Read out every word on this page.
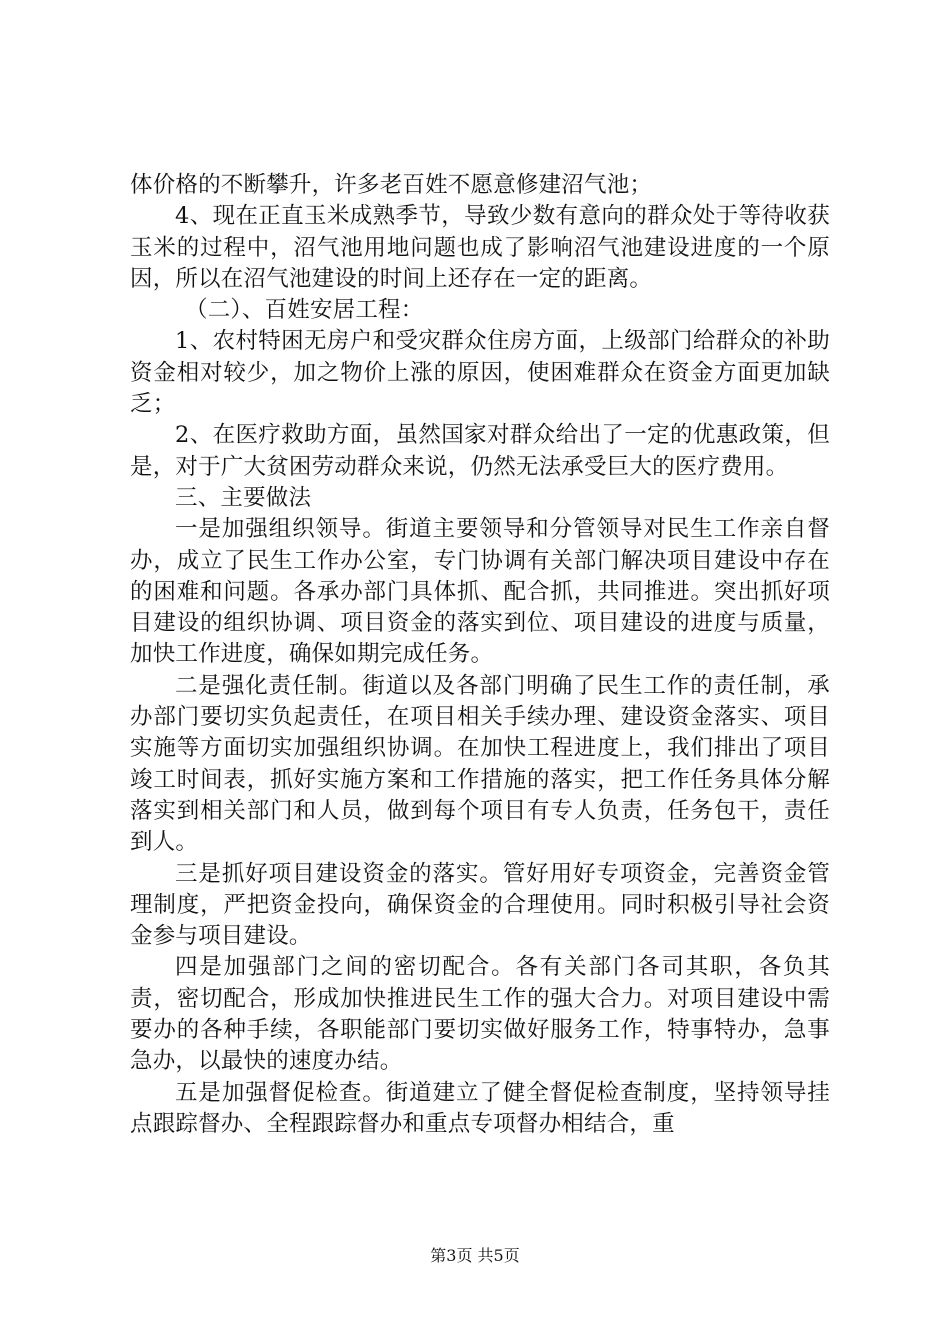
体价格的不断攀升，许多老百姓不愿意修建沼气池；

4、现在正直玉米成熟季节，导致少数有意向的群众处于等待收获玉米的过程中，沼气池用地问题也成了影响沼气池建设进度的一个原因，所以在沼气池建设的时间上还存在一定的距离。

（二）、百姓安居工程：

1、农村特困无房户和受灾群众住房方面，上级部门给群众的补助资金相对较少，加之物价上涨的原因，使困难群众在资金方面更加缺乏；

2、在医疗救助方面，虽然国家对群众给出了一定的优惠政策，但是，对于广大贫困劳动群众来说，仍然无法承受巨大的医疗费用。

三、主要做法

一是加强组织领导。街道主要领导和分管领导对民生工作亲自督办，成立了民生工作办公室，专门协调有关部门解决项目建设中存在的困难和问题。各承办部门具体抓、配合抓，共同推进。突出抓好项目建设的组织协调、项目资金的落实到位、项目建设的进度与质量，加快工作进度，确保如期完成任务。

二是强化责任制。街道以及各部门明确了民生工作的责任制，承办部门要切实负起责任，在项目相关手续办理、建设资金落实、项目实施等方面切实加强组织协调。在加快工程进度上，我们排出了项目竣工时间表，抓好实施方案和工作措施的落实，把工作任务具体分解落实到相关部门和人员，做到每个项目有专人负责，任务包干，责任到人。

三是抓好项目建设资金的落实。管好用好专项资金，完善资金管理制度，严把资金投向，确保资金的合理使用。同时积极引导社会资金参与项目建设。

四是加强部门之间的密切配合。各有关部门各司其职，各负其责，密切配合，形成加快推进民生工作的强大合力。对项目建设中需要办的各种手续，各职能部门要切实做好服务工作，特事特办，急事急办，以最快的速度办结。

五是加强督促检查。街道建立了健全督促检查制度，坚持领导挂点跟踪督办、全程跟踪督办和重点专项督办相结合，重

第3页 共5页
